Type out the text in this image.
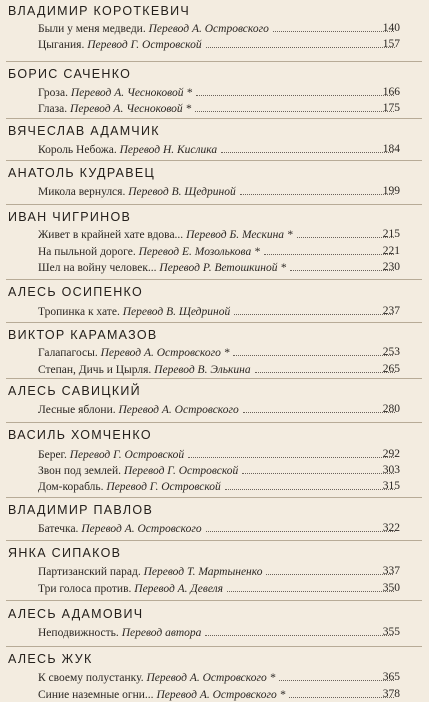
ВЛАДИМИР КОРОТКЕВИЧ
Были у меня медведи. Перевод А. Островского	140
Цыгания. Перевод Г. Островской	157
БОРИС САЧЕНКО
Гроза. Перевод А. Чесноковой *	166
Глаза. Перевод А. Чесноковой *	175
ВЯЧЕСЛАВ АДАМЧИК
Король Небожа. Перевод Н. Кислика	184
АНАТОЛЬ КУДРАВЕЦ
Микола вернулся. Перевод В. Щедриной	199
ИВАН ЧИГРИНОВ
Живет в крайней хате вдова... Перевод Б. Мескина *	215
На пыльной дороге. Перевод Е. Мозолькова *	221
Шел на войну человек... Перевод Р. Ветошкиной *	230
АЛЕСЬ ОСИПЕНКО
Тропинка к хате. Перевод В. Щедриной	237
ВИКТОР КАРАМАЗОВ
Галапагосы. Перевод А. Островского *	253
Степан, Дичь и Цырля. Перевод В. Элькина	265
АЛЕСЬ САВИЦКИЙ
Лесные яблони. Перевод А. Островского	280
ВАСИЛЬ ХОМЧЕНКО
Берег. Перевод Г. Островской	292
Звон под землей. Перевод Г. Островской	303
Дом-корабль. Перевод Г. Островской	315
ВЛАДИМИР ПАВЛОВ
Батечка. Перевод А. Островского	322
ЯНКА СИПАКОВ
Партизанский парад. Перевод Т. Мартыненко	337
Три голоса против. Перевод А. Девеля	350
АЛЕСЬ АДАМОВИЧ
Неподвижность. Перевод автора	355
АЛЕСЬ ЖУК
К своему полустанку. Перевод А. Островского *	365
Синие наземные огни... Перевод А. Островского *	378
